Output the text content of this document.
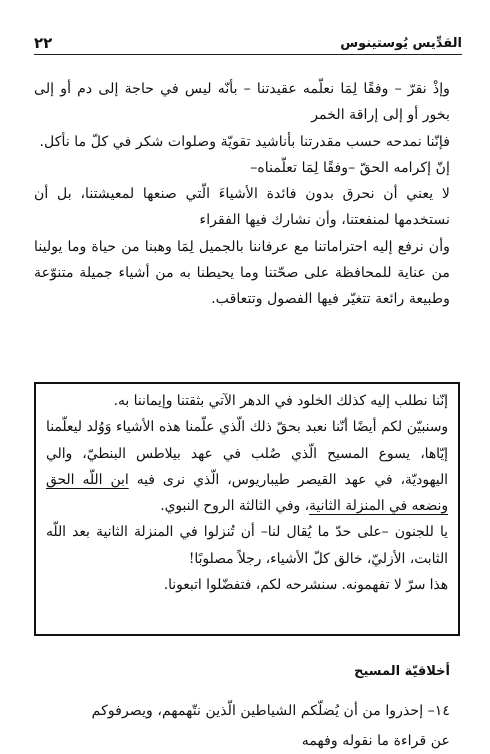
القدِّيس يُوستينوس
٢٢

وإذْ نقرّ – وفقًا لِمَا نعلّمه عقيدتنا – بأنّه ليس في حاجة إلى دم أو إلى بخور أو إلى إراقة الخمر

فإنّنا نمدحه حسب مقدرتنا بأناشيد تقويّة وصلوات شكر في كلّ ما نأكل.

إنّ إكرامه الحقّ –وفقًا لِمَا تعلّمناه–

لا يعني أن نحرق بدون فائدة الأشياءَ الّتي صنعها لمعيشتنا، بل أن نستخدمها لمنفعتنا، وأن نشارك فيها الفقراء

وأن نرفع إليه احتراماتنا مع عرفاننا بالجميل لِمَا وهبنا من حياة وما يولينا من عناية للمحافظة على صحّتنا وما يحيطنا به من أشياء جميلة متنوّعة وطبيعة رائعة تتغيّر فيها الفصول وتتعاقب.

إنّنا نطلب إليه كذلك الخلود في الدهر الآتي بثقتنا وإيماننا به.

وسنبيّن لكم أيضًا أنّنا نعبد بحقّ ذلك الّذي علّمنا هذه الأشياء وَوُلد ليعلّمنا إيّاها، يسوع المسيح الّذي صُلب في عهد بيلاطس البنطيّ، والي اليهوديّة، في عهد القيصر طيباريوس، الّذي نرى فيه ابن اللّه الحق ونضعه في المنزلة الثانية، وفي الثالثة الروح النبوي.

يا للجنون –على حدّ ما يُقال لنا– أن تُنزلوا في المنزلة الثانية بعد اللّه الثابت، الأزليّ، خالق كلّ الأشياء، رجلاً مصلوبًا!

هذا سرّ لا تفهمونه. سنشرحه لكم، فتفضّلوا اتبعونا.

أخلاقيّة المسيح

١٤– إحذروا من أن يُضلّكم الشياطين الّذين نتّهمهم، ويصرفوكم

عن قراءة ما نقوله وفهمه
